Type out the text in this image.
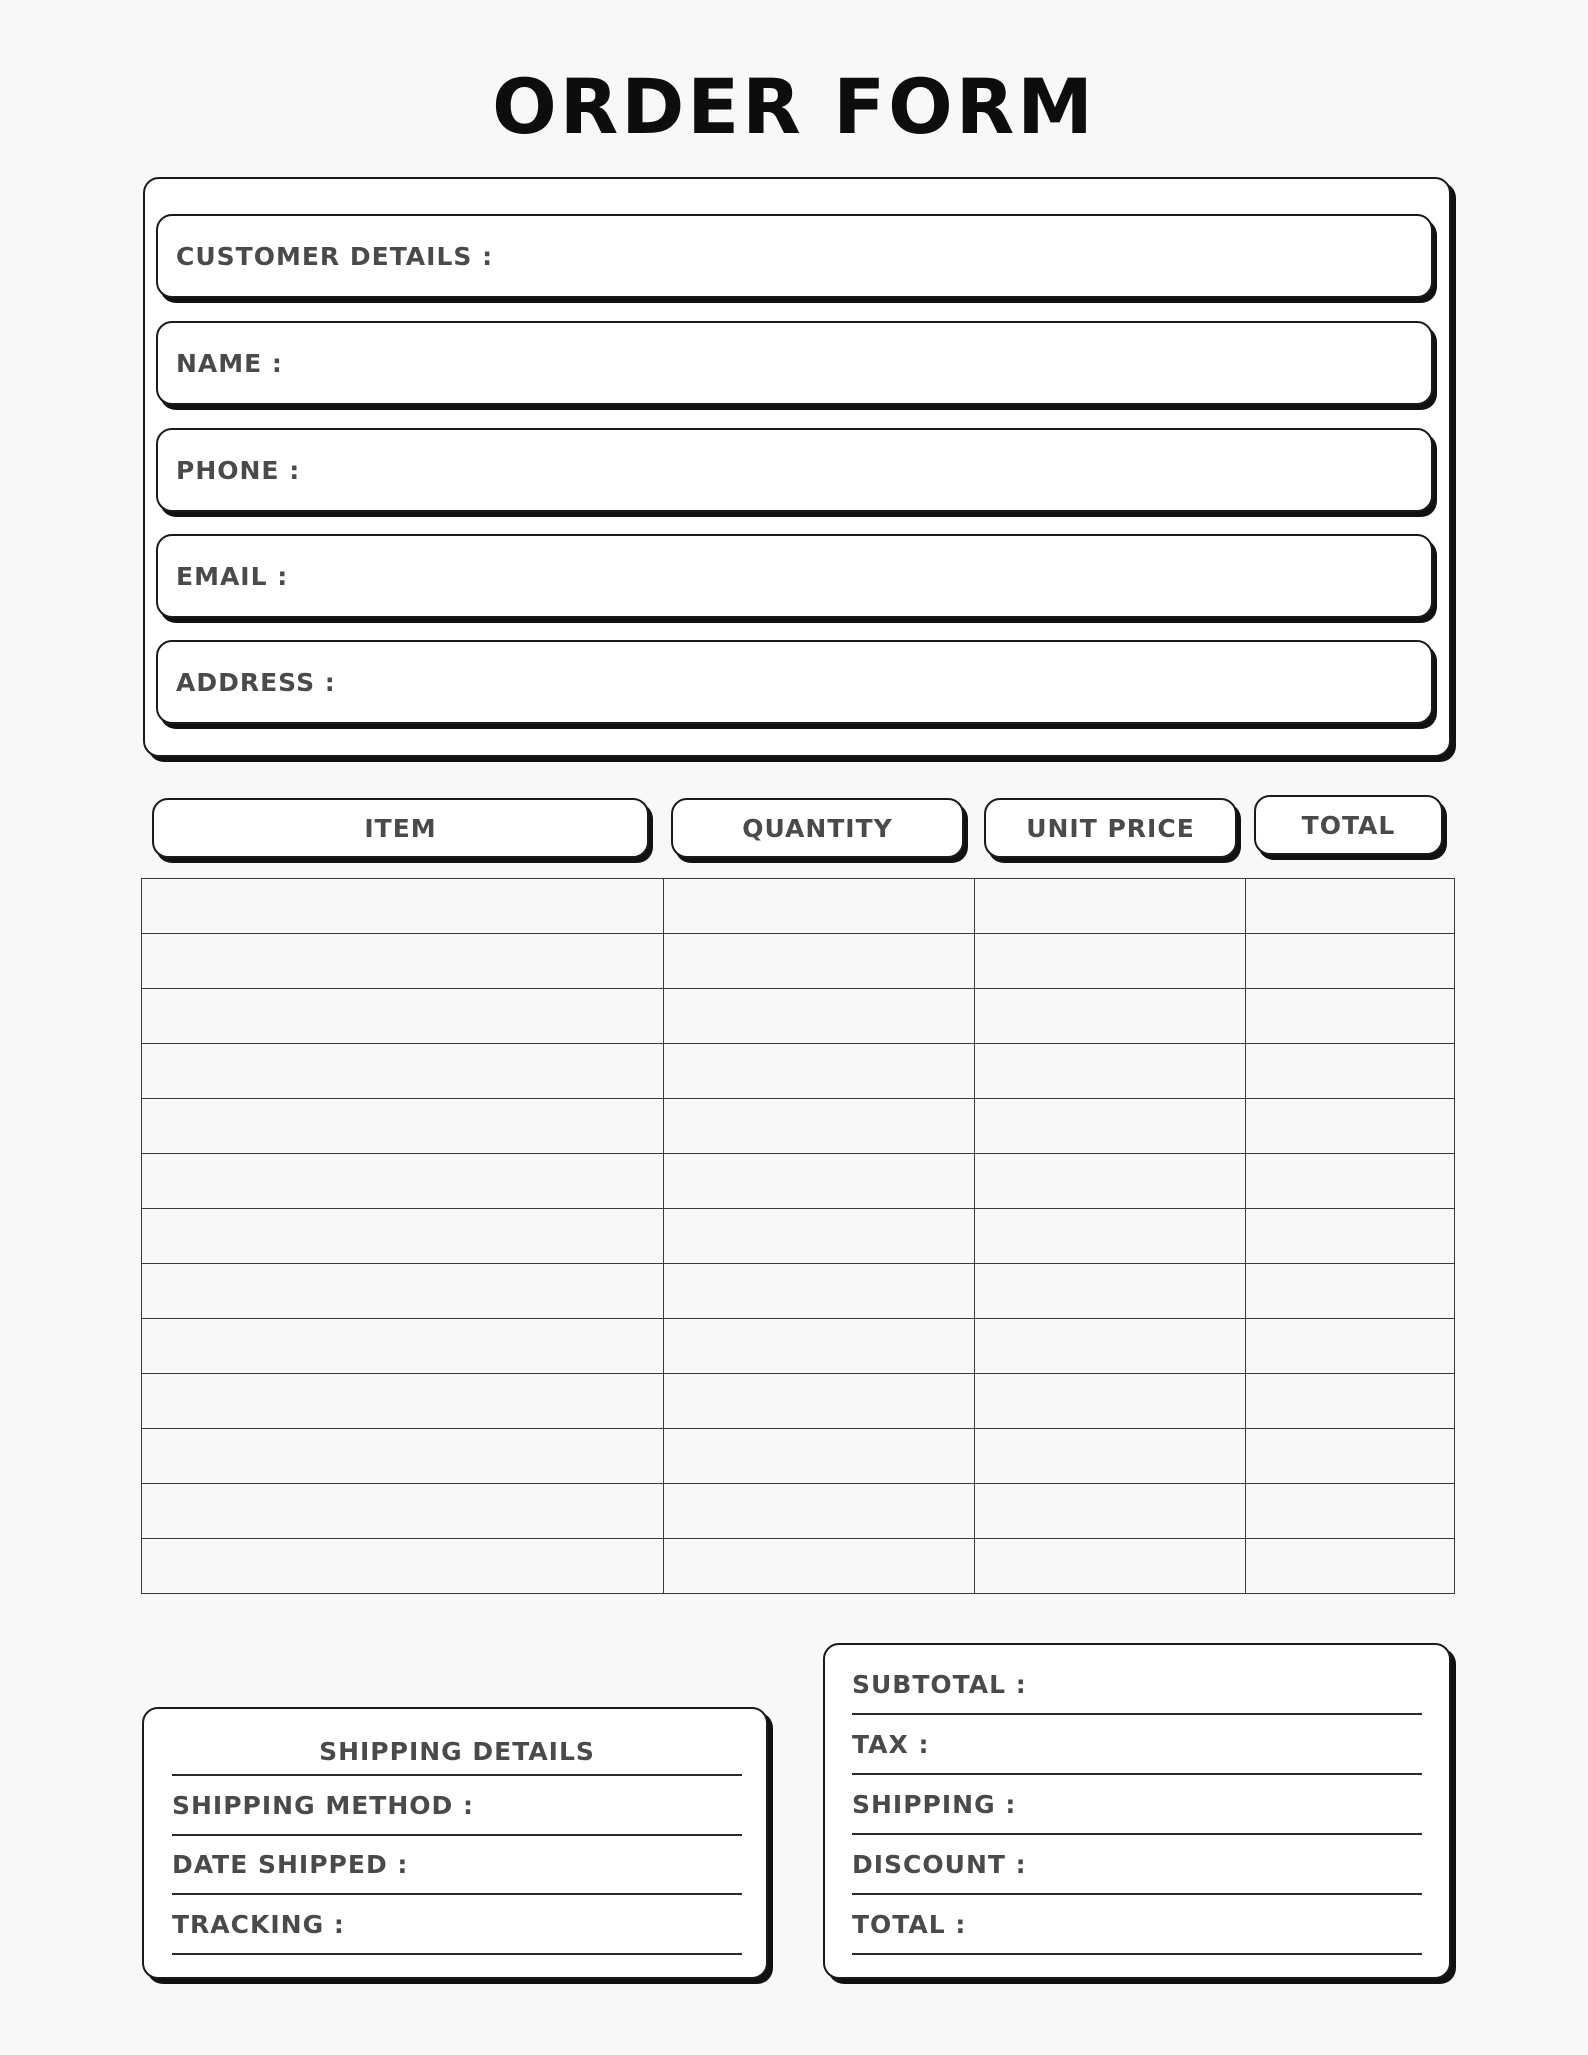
ORDER FORM
CUSTOMER DETAILS :
NAME :
PHONE :
EMAIL :
ADDRESS :
ITEM	QUANTITY	UNIT PRICE	TOTAL

SHIPPING DETAILS
SHIPPING METHOD :
DATE SHIPPED :
TRACKING :
SUBTOTAL :
TAX :
SHIPPING :
DISCOUNT :
TOTAL :
